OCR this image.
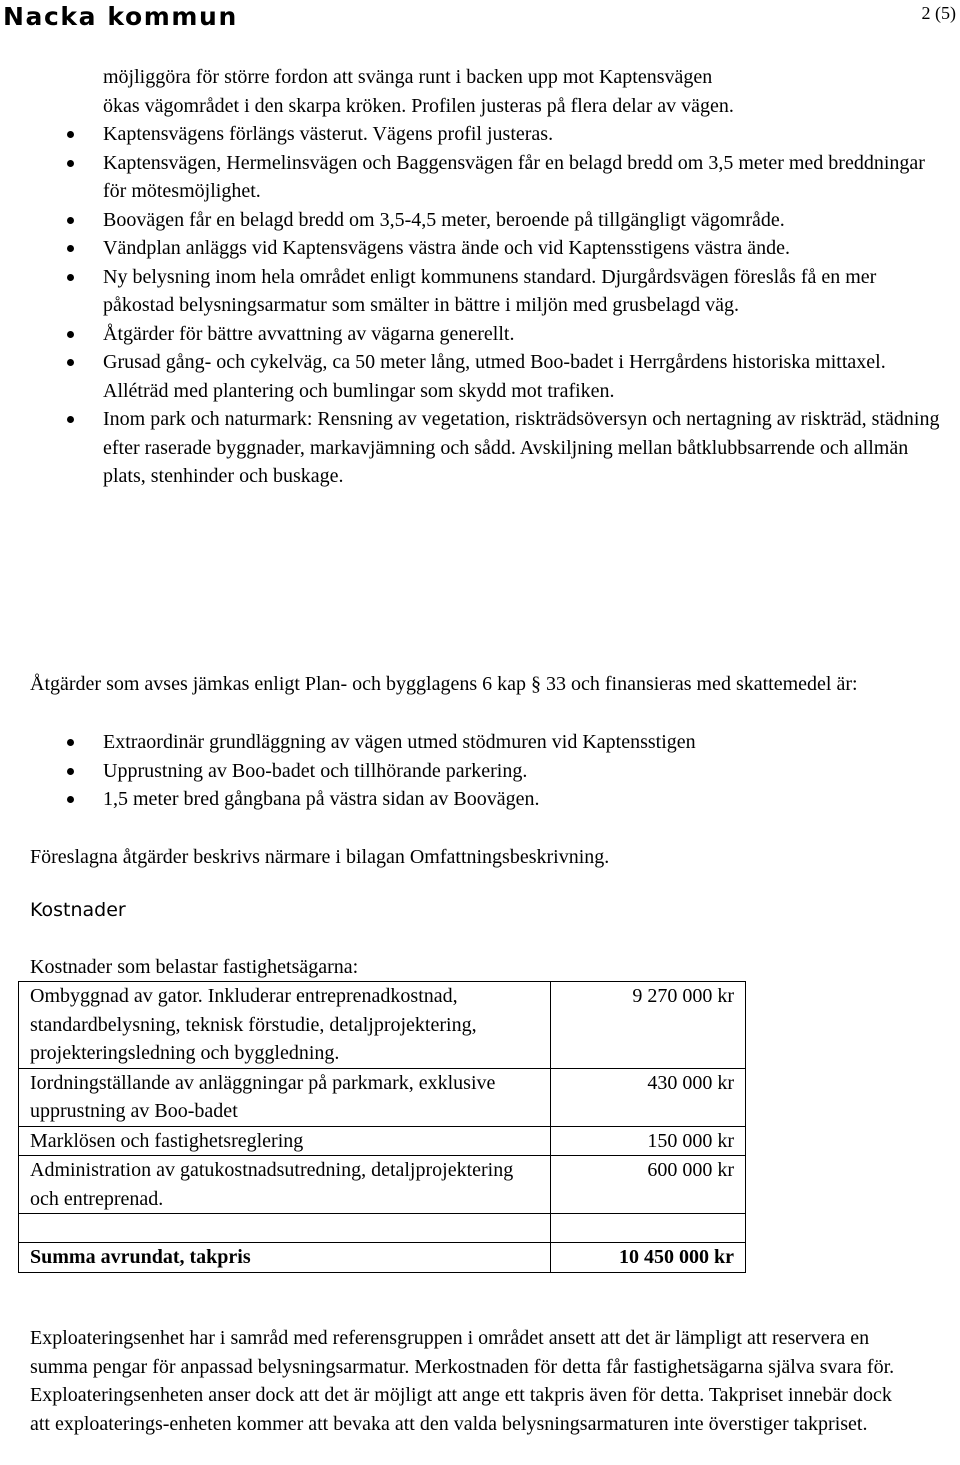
Nacka kommun	2 (5)
möjliggöra för större fordon att svänga runt i backen upp mot Kaptensvägen
ökas vägområdet i den skarpa kröken. Profilen justeras på flera delar av vägen.
Kaptensvägens förlängs västerut. Vägens profil justeras.
Kaptensvägen, Hermelinsvägen och Baggensvägen får en belagd bredd om 3,5 meter med breddningar för mötesmöjlighet.
Boovägen får en belagd bredd om 3,5-4,5 meter, beroende på tillgängligt vägområde.
Vändplan anläggs vid Kaptensvägens västra ände och vid Kaptensstigens västra ände.
Ny belysning inom hela området enligt kommunens standard. Djurgårdsvägen föreslås få en mer påkostad belysningsarmatur som smälter in bättre i miljön med grusbelagd väg.
Åtgärder för bättre avvattning av vägarna generellt.
Grusad gång- och cykelväg, ca 50 meter lång, utmed Boo-badet i Herrgårdens historiska mittaxel. Alléträd med plantering och bumlingar som skydd mot trafiken.
Inom park och naturmark: Rensning av vegetation, riskträdsöversyn och nertagning av riskträd, städning efter raserade byggnader, markavjämning och sådd. Avskiljning mellan båtklubbsarrende och allmän plats, stenhinder och buskage.
Åtgärder som avses jämkas enligt Plan- och bygglagens 6 kap § 33 och finansieras med skattemedel är:
Extraordinär grundläggning av vägen utmed stödmuren vid Kaptensstigen
Upprustning av Boo-badet och tillhörande parkering.
1,5 meter bred gångbana på västra sidan av Boovägen.
Föreslagna åtgärder beskrivs närmare i bilagan Omfattningsbeskrivning.
Kostnader
Kostnader som belastar fastighetsägarna:
Ombyggnad av gator. Inkluderar entreprenadkostnad, standardbelysning, teknisk förstudie, detaljprojektering, projekteringsledning och byggledning.	9 270 000 kr
Iordningställande av anläggningar på parkmark, exklusive upprustning av Boo-badet	430 000 kr
Marklösen och fastighetsreglering	150 000 kr
Administration av gatukostnadsutredning, detaljprojektering och entreprenad.	600 000 kr

Summa avrundat, takpris	10 450 000 kr
Exploateringsenhet har i samråd med referensgruppen i området ansett att det är lämpligt att reservera en summa pengar för anpassad belysningsarmatur. Merkostnaden för detta får fastighetsägarna själva svara för. Exploateringsenheten anser dock att det är möjligt att ange ett takpris även för detta. Takpriset innebär dock att exploaterings-enheten kommer att bevaka att den valda belysningsarmaturen inte överstiger takpriset.
